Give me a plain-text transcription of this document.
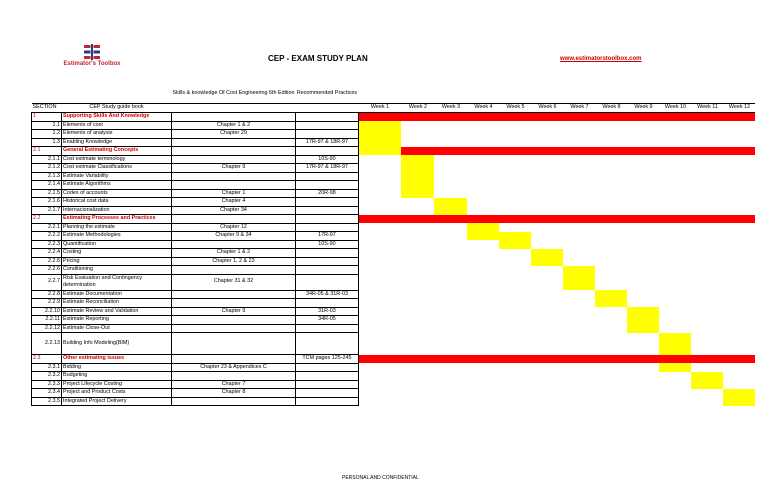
Estimator's Toolbox
CEP - EXAM STUDY PLAN	www.estimatorstoolbox.com
		Skills & knowledge Of Cost Engineering 6th Edition	Recommended Practices												
SECTION	CEP Study guide book			Week 1	Week 2	Week 3	Week 4	Week 5	Week 6	Week 7	Week 8	Week 9	Week 10	Week 11	Week 12
1	Supporting Skills And Knowledge														
1.1	Elements of cost	Chapter 1 & 2													
1.2	Elements of analysis	Chapter 29													
1.3	Enabling Knowledge		17R-97 & 18R-97												
2.1	General Estimating Concepts														
2.1.1	Cost estimate terminology		10S-90												
2.1.2	Cost estimate Classifications	Chapter 9	17R-97 & 18R-97												
2.1.3	Estimate Variability														
2.1.4	Estimate Algorithms														
2.1.5	Codes of accounts	Chapter 1	20R-98												
2.1.6	Historical cost data	Chapter 4													
2.1.7	Internacionalization	Chapter 34													
2.2	Estimating Processes and Practices														
2.2.1	Planning the estimate	Chapter 12													
2.2.2	Estimate Methodologies	Chapter 9 & 34	17R-97												
2.2.3	Quantification		10S-90												
2.2.4	Costing	Chapter 1 & 2													
2.2.5	Pricing	Chapter 1, 2 & 23													
2.2.6	Conditioning														
2.2.7	Risk Evaluation and Contingency
determination	Chapter 31 & 32													
2.2.8	Estimate Documentation		34R-05 & 31R-03												
2.2.9	Estimate Reconciliation														
2.2.10	Estimate Review and Validation	Chapter 9	31R-03												
2.2.11	Estimate Reporting		34R-05												
2.2.12	Estimate Close-Out														
2.2.13	Building Info Modeling(BIM)														
2.3	Other estimating issues		TCM pages 125-245												
2.3.1	Bidding	Chapter 23 & Appendices C													
2.3.2	Budgeting														
2.3.3	Project Lifecycle Costing	Chapter 7													
2.3.4	Project and Product Costs	Chapter 8													
2.3.5	Integrated Project Delivery														
PERSONAL AND CONFIDENTIAL
